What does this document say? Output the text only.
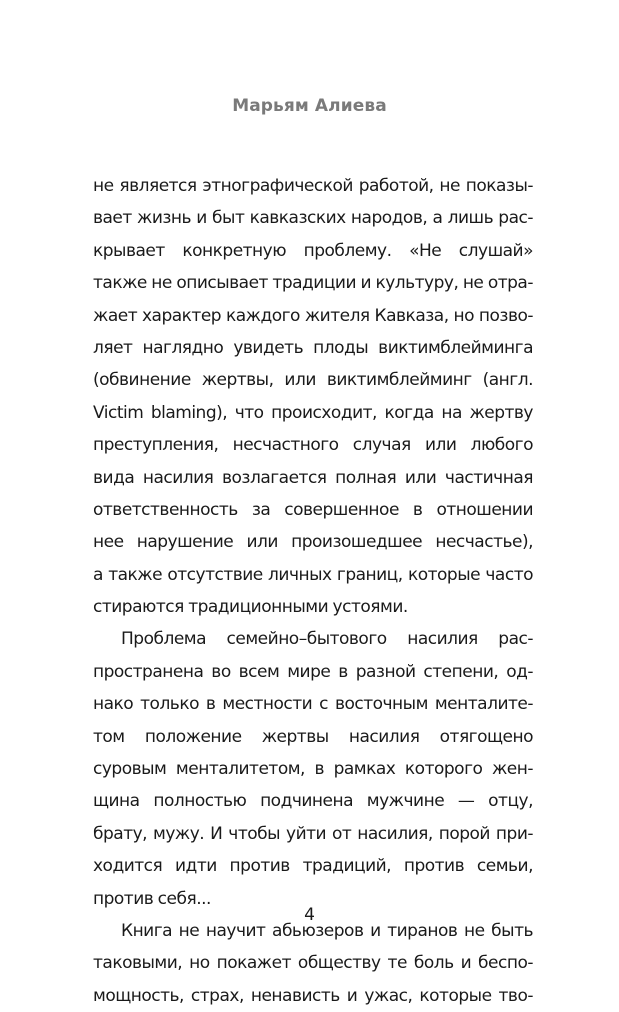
Марьям Алиева
не является этнографической работой, не показы-
вает жизнь и быт кавказских народов, а лишь рас-
крывает конкретную проблему. «Не слушай»
также не описывает традиции и культуру, не отра-
жает характер каждого жителя Кавказа, но позво-
ляет наглядно увидеть плоды виктимблейминга
(обвинение жертвы, или виктимблейминг (англ.
Victim blaming), что происходит, когда на жертву
преступления, несчастного случая или любого
вида насилия возлагается полная или частичная
ответственность за совершенное в отношении
нее нарушение или произошедшее несчастье),
а также отсутствие личных границ, которые часто
стираются традиционными устоями.
Проблема семейно–бытового насилия рас-
пространена во всем мире в разной степени, од-
нако только в местности с восточным менталите-
том положение жертвы насилия отягощено
суровым менталитетом, в рамках которого жен-
щина полностью подчинена мужчине — отцу,
брату, мужу. И чтобы уйти от насилия, порой при-
ходится идти против традиций, против семьи,
против себя...
Книга не научит абьюзеров и тиранов не быть
таковыми, но покажет обществу те боль и беспо-
мощность, страх, ненависть и ужас, которые тво-
4
